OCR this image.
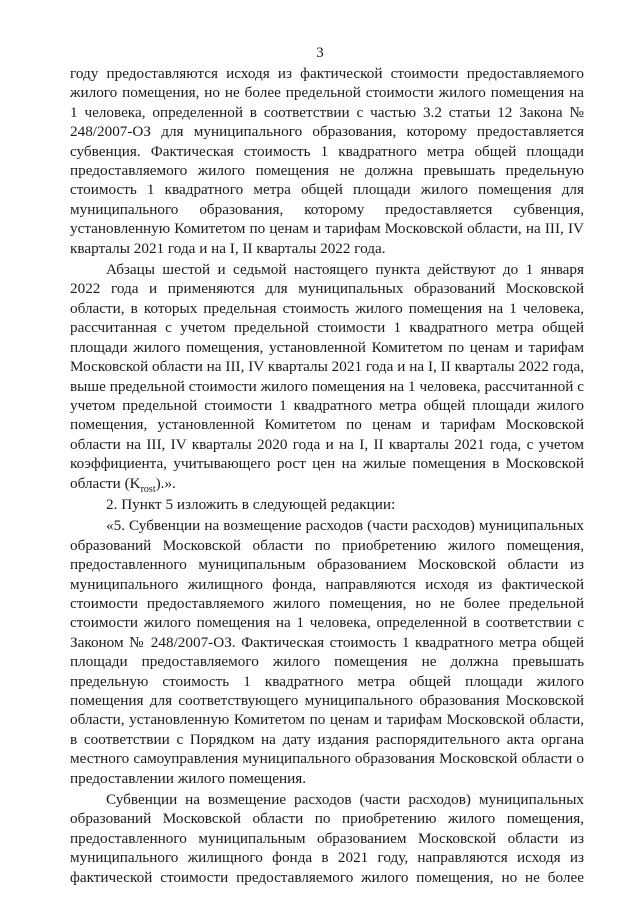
3

году предоставляются исходя из фактической стоимости предоставляемого жилого помещения, но не более предельной стоимости жилого помещения на 1 человека, определенной в соответствии с частью 3.2 статьи 12 Закона № 248/2007-ОЗ для муниципального образования, которому предоставляется субвенция. Фактическая стоимость 1 квадратного метра общей площади предоставляемого жилого помещения не должна превышать предельную стоимость 1 квадратного метра общей площади жилого помещения для муниципального образования, которому предоставляется субвенция, установленную Комитетом по ценам и тарифам Московской области, на III, IV кварталы 2021 года и на I, II кварталы 2022 года.

Абзацы шестой и седьмой настоящего пункта действуют до 1 января 2022 года и применяются для муниципальных образований Московской области, в которых предельная стоимость жилого помещения на 1 человека, рассчитанная с учетом предельной стоимости 1 квадратного метра общей площади жилого помещения, установленной Комитетом по ценам и тарифам Московской области на III, IV кварталы 2021 года и на I, II кварталы 2022 года, выше предельной стоимости жилого помещения на 1 человека, рассчитанной с учетом предельной стоимости 1 квадратного метра общей площади жилого помещения, установленной Комитетом по ценам и тарифам Московской области на III, IV кварталы 2020 года и на I, II кварталы 2021 года, с учетом коэффициента, учитывающего рост цен на жилые помещения в Московской области $(K_{rost})$.».

2. Пункт 5 изложить в следующей редакции:

«5. Субвенции на возмещение расходов (части расходов) муниципальных образований Московской области по приобретению жилого помещения, предоставленного муниципальным образованием Московской области из муниципального жилищного фонда, направляются исходя из фактической стоимости предоставляемого жилого помещения, но не более предельной стоимости жилого помещения на 1 человека, определенной в соответствии с Законом № 248/2007-ОЗ. Фактическая стоимость 1 квадратного метра общей площади предоставляемого жилого помещения не должна превышать предельную стоимость 1 квадратного метра общей площади жилого помещения для соответствующего муниципального образования Московской области, установленную Комитетом по ценам и тарифам Московской области, в соответствии с Порядком на дату издания распорядительного акта органа местного самоуправления муниципального образования Московской области о предоставлении жилого помещения.

Субвенции на возмещение расходов (части расходов) муниципальных образований Московской области по приобретению жилого помещения, предоставленного муниципальным образованием Московской области из муниципального жилищного фонда в 2021 году, направляются исходя из фактической стоимости предоставляемого жилого помещения, но не более
